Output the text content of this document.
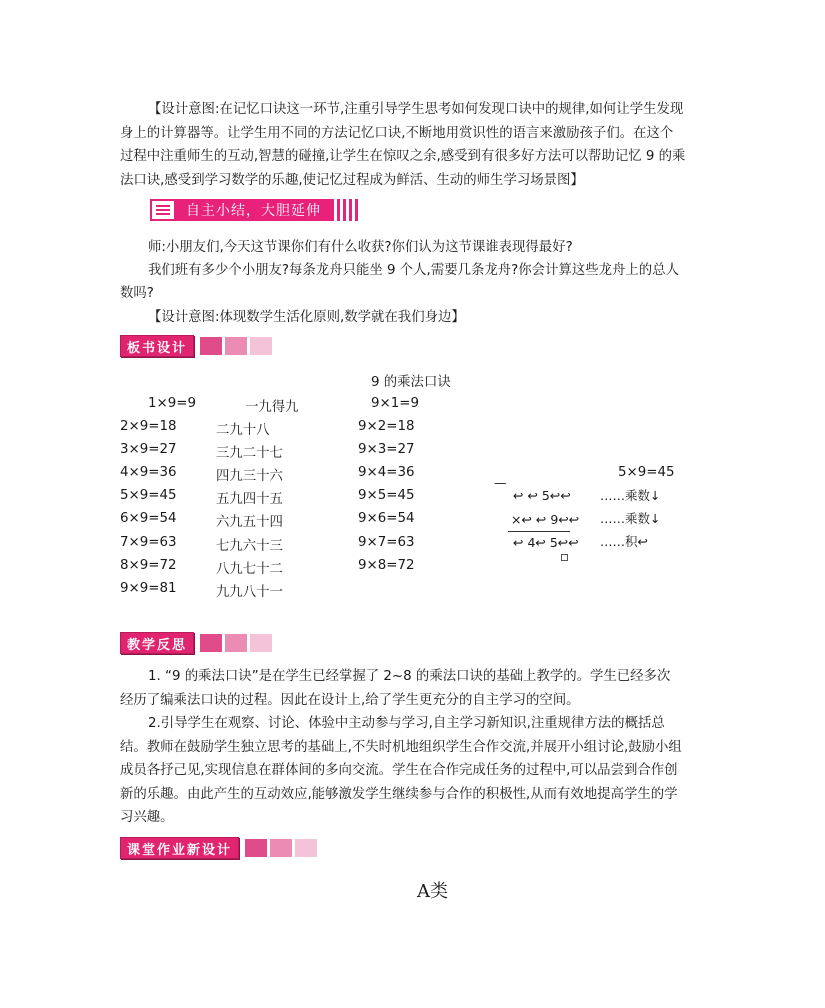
【设计意图:在记忆口诀这一环节,注重引导学生思考如何发现口诀中的规律,如何让学生发现
身上的计算器等。让学生用不同的方法记忆口诀,不断地用赏识性的语言来激励孩子们。在这个
过程中注重师生的互动,智慧的碰撞,让学生在惊叹之余,感受到有很多好方法可以帮助记忆 9 的乘
法口诀,感受到学习数学的乐趣,使记忆过程成为鲜活、生动的师生学习场景图】
自主小结，大胆延伸
师:小朋友们,今天这节课你们有什么收获?你们认为这节课谁表现得最好?
我们班有多少个小朋友?每条龙舟只能坐 9 个人,需要几条龙舟?你会计算这些龙舟上的总人
数吗?
【设计意图:体现数学生活化原则,数学就在我们身边】
板书设计
9 的乘法口诀
1×9=9	一九得九	9×1=9
2×9=18	二九十八	9×2=18
3×9=27	三九二十七	9×3=27
4×9=36	四九三十六	9×4=36
5×9=45	五九四十五	9×5=45
6×9=54	六九五十四	9×6=54
7×9=63	七九六十三	9×7=63
8×9=72	八九七十二	9×8=72
9×9=81	九九八十一
5×9=45
—
↩ ↩ 5↩↩ ……乘数↓
×↩ ↩ 9↩↩ ……乘数↓
↩ 4↩ 5↩↩ ……积↩
教学反思
1. “9 的乘法口诀”是在学生已经掌握了 2~8 的乘法口诀的基础上教学的。学生已经多次
经历了编乘法口诀的过程。因此在设计上,给了学生更充分的自主学习的空间。
2.引导学生在观察、讨论、体验中主动参与学习,自主学习新知识,注重规律方法的概括总
结。教师在鼓励学生独立思考的基础上,不失时机地组织学生合作交流,并展开小组讨论,鼓励小组
成员各抒己见,实现信息在群体间的多向交流。学生在合作完成任务的过程中,可以品尝到合作创
新的乐趣。由此产生的互动效应,能够激发学生继续参与合作的积极性,从而有效地提高学生的学
习兴趣。
课堂作业新设计
A类
